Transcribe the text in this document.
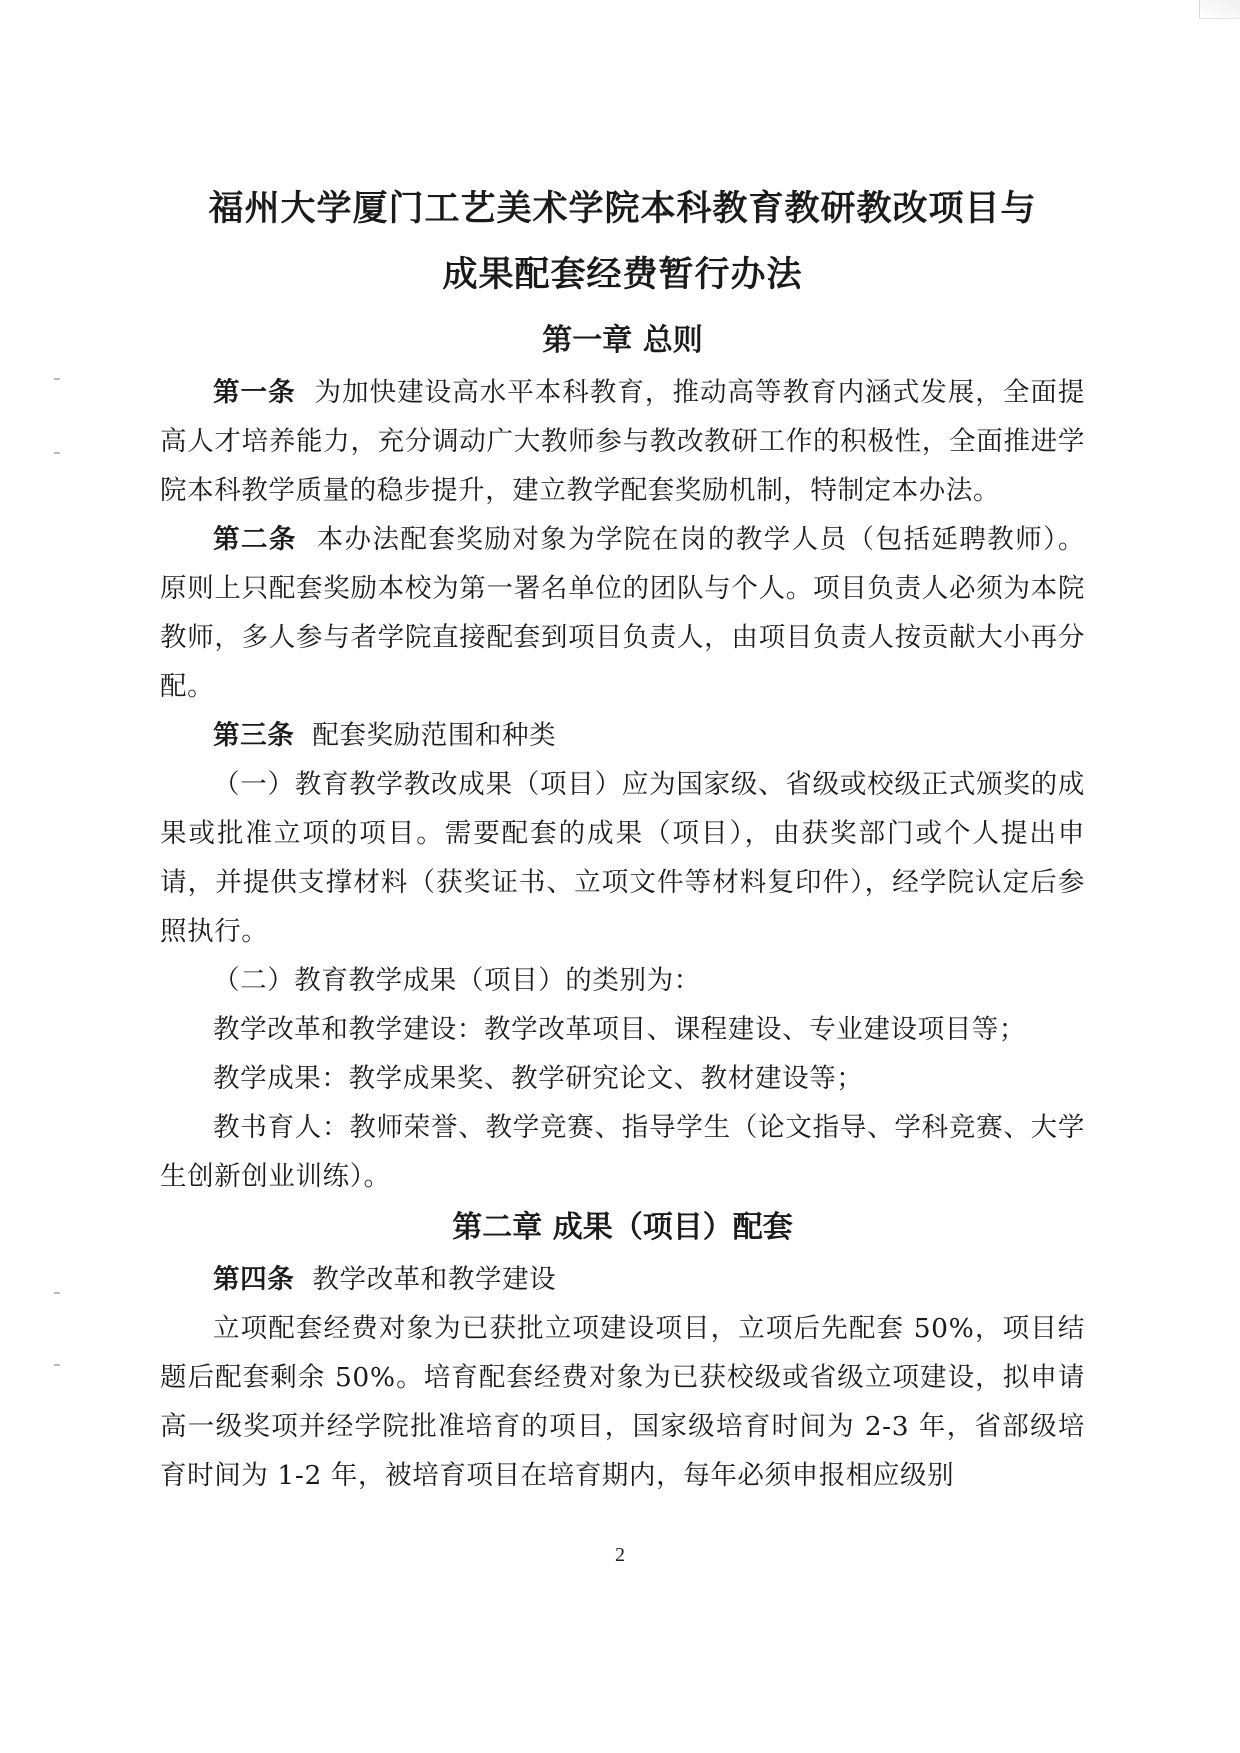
福州大学厦门工艺美术学院本科教育教研教改项目与
成果配套经费暂行办法
第一章 总则

第一条 为加快建设高水平本科教育，推动高等教育内涵式发展，全面提高人才培养能力，充分调动广大教师参与教改教研工作的积极性，全面推进学院本科教学质量的稳步提升，建立教学配套奖励机制，特制定本办法。

第二条 本办法配套奖励对象为学院在岗的教学人员（包括延聘教师）。原则上只配套奖励本校为第一署名单位的团队与个人。项目负责人必须为本院教师，多人参与者学院直接配套到项目负责人，由项目负责人按贡献大小再分配。

第三条 配套奖励范围和种类

（一）教育教学教改成果（项目）应为国家级、省级或校级正式颁奖的成果或批准立项的项目。需要配套的成果（项目），由获奖部门或个人提出申请，并提供支撑材料（获奖证书、立项文件等材料复印件），经学院认定后参照执行。

（二）教育教学成果（项目）的类别为：

教学改革和教学建设：教学改革项目、课程建设、专业建设项目等；

教学成果：教学成果奖、教学研究论文、教材建设等；

教书育人：教师荣誉、教学竞赛、指导学生（论文指导、学科竞赛、大学生创新创业训练）。

第二章 成果（项目）配套

第四条 教学改革和教学建设

立项配套经费对象为已获批立项建设项目，立项后先配套 50%，项目结题后配套剩余 50%。培育配套经费对象为已获校级或省级立项建设，拟申请高一级奖项并经学院批准培育的项目，国家级培育时间为 2-3 年，省部级培育时间为 1-2 年，被培育项目在培育期内，每年必须申报相应级别

2
